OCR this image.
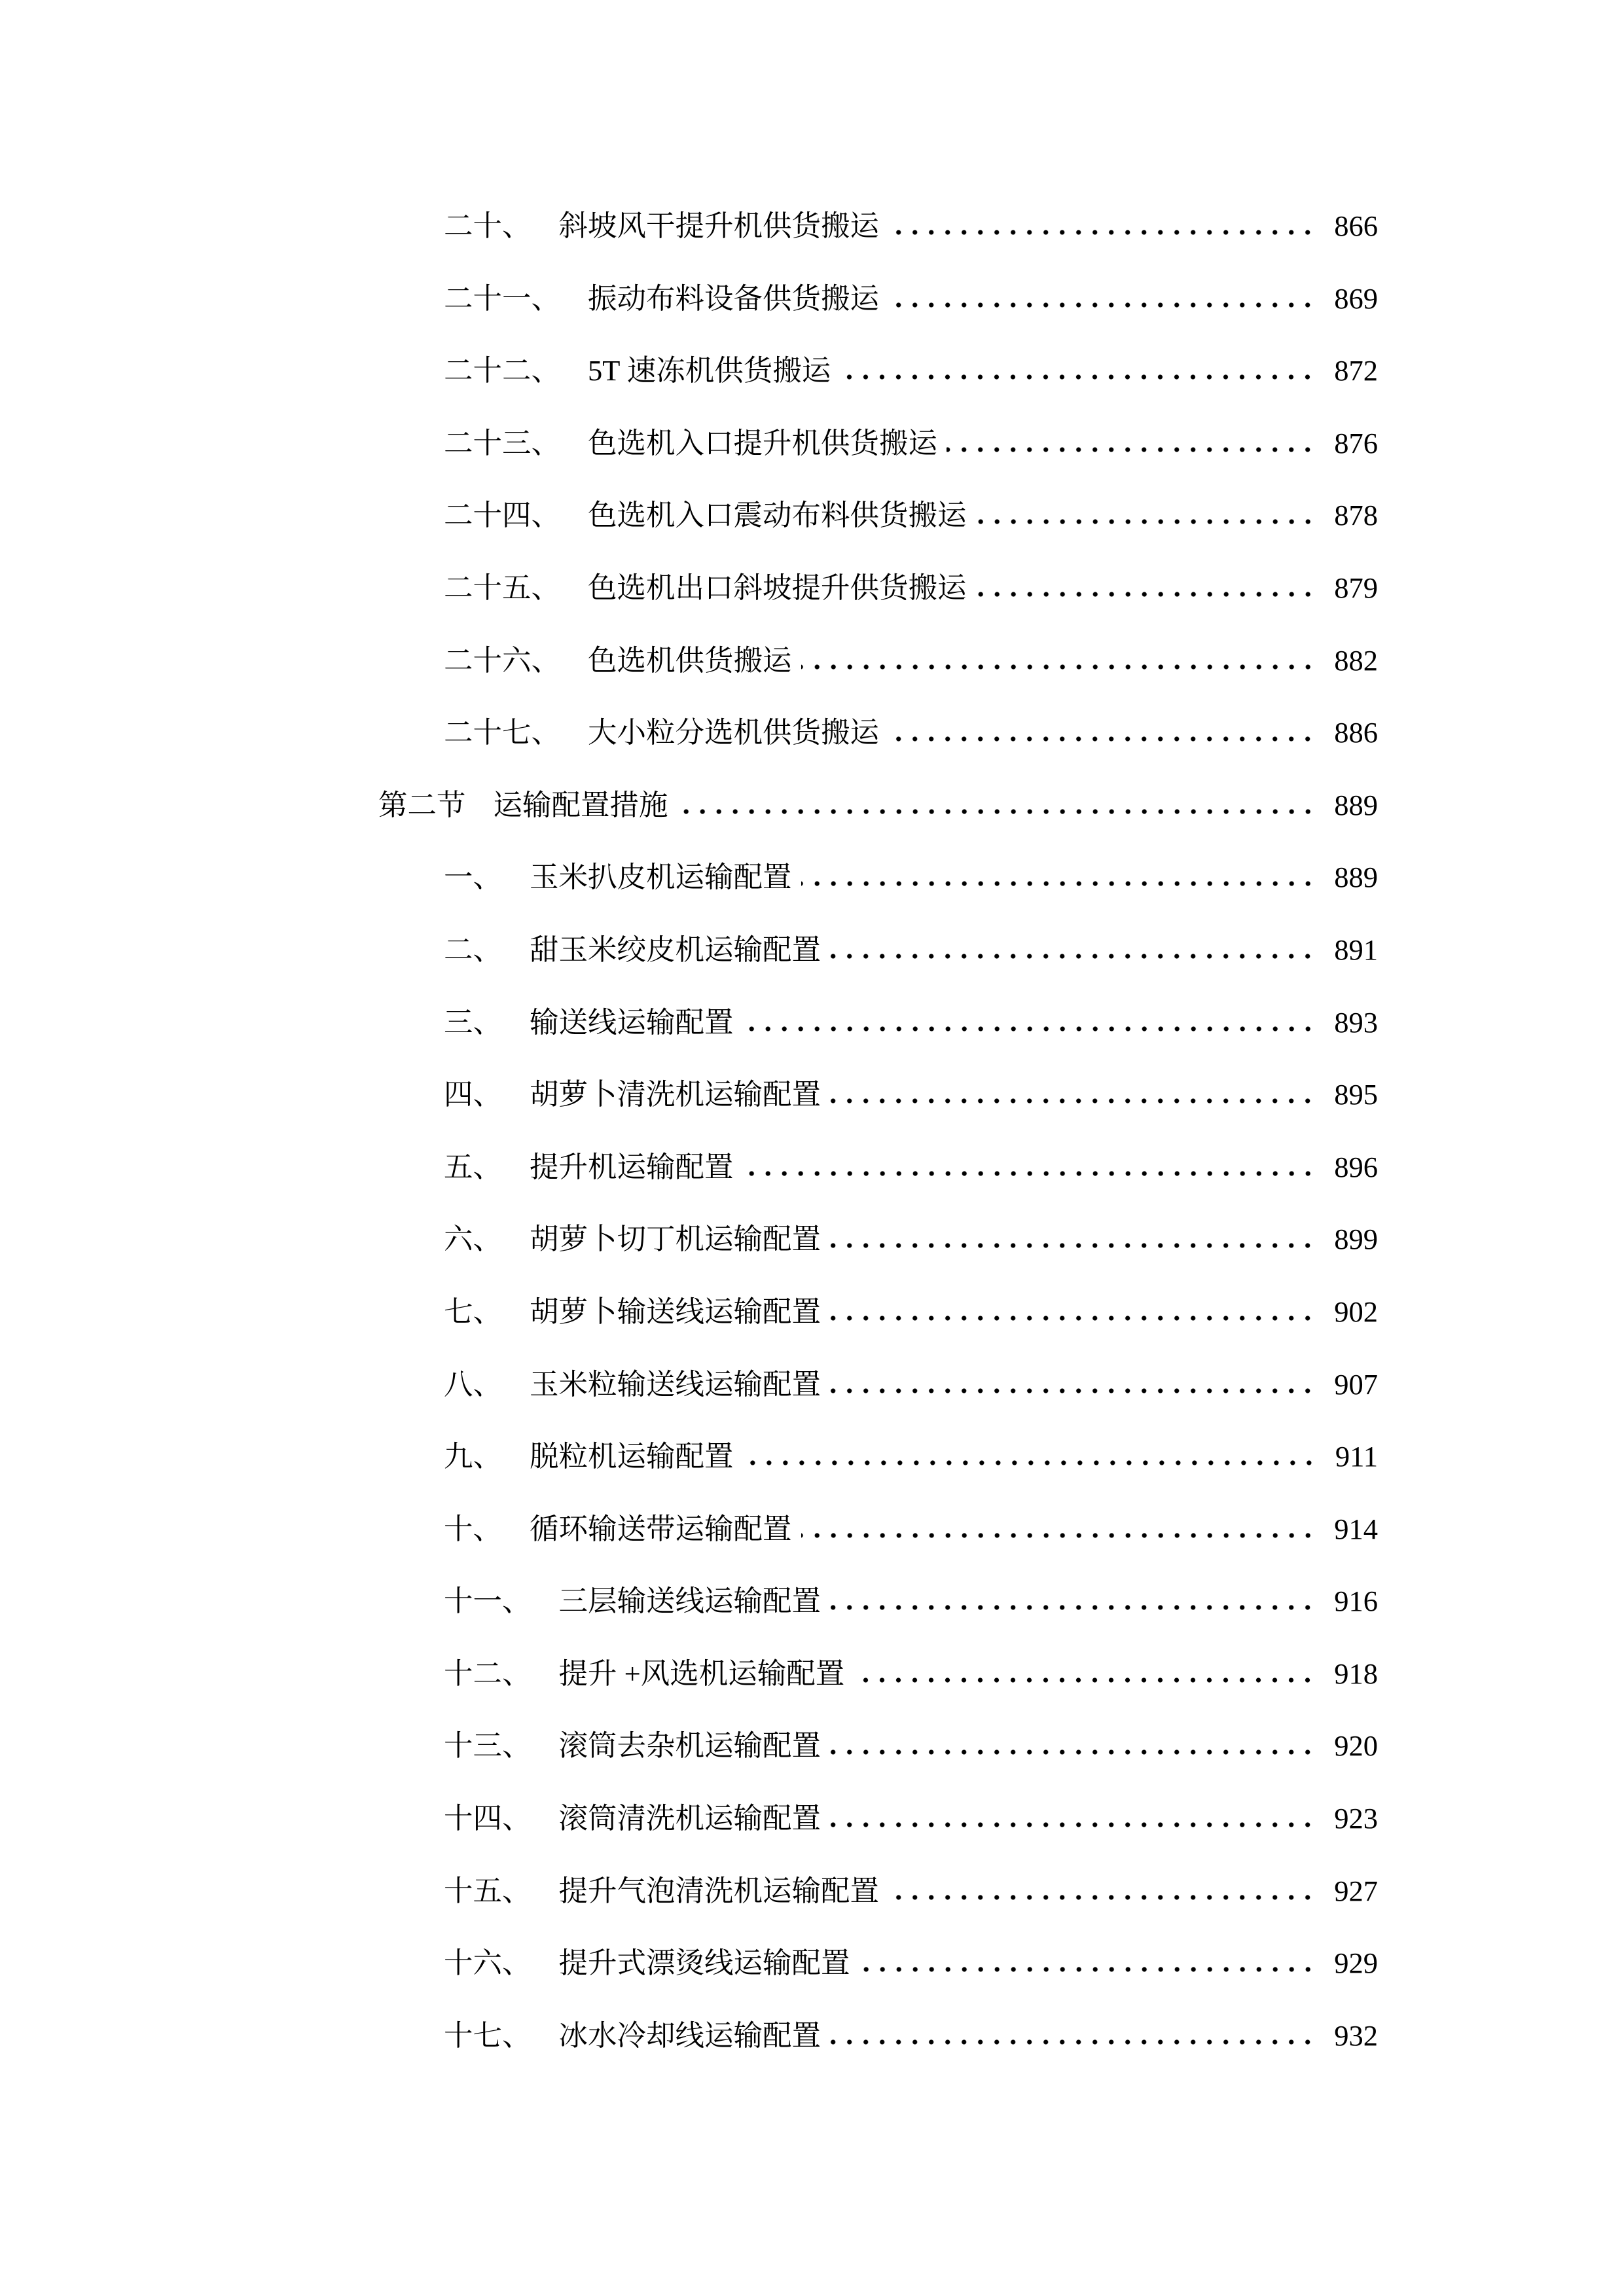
二十、 斜坡风干提升机供货搬运	866
二十一、 振动布料设备供货搬运	869
二十二、 5T 速冻机供货搬运	872
二十三、 色选机入口提升机供货搬运	876
二十四、 色选机入口震动布料供货搬运	878
二十五、 色选机出口斜坡提升供货搬运	879
二十六、 色选机供货搬运	882
二十七、 大小粒分选机供货搬运	886
第二节 运输配置措施	889
一、 玉米扒皮机运输配置	889
二、 甜玉米绞皮机运输配置	891
三、 输送线运输配置	893
四、 胡萝卜清洗机运输配置	895
五、 提升机运输配置	896
六、 胡萝卜切丁机运输配置	899
七、 胡萝卜输送线运输配置	902
八、 玉米粒输送线运输配置	907
九、 脱粒机运输配置	911
十、 循环输送带运输配置	914
十一、 三层输送线运输配置	916
十二、 提升 +风选机运输配置	918
十三、 滚筒去杂机运输配置	920
十四、 滚筒清洗机运输配置	923
十五、 提升气泡清洗机运输配置	927
十六、 提升式漂烫线运输配置	929
十七、 冰水冷却线运输配置	932
